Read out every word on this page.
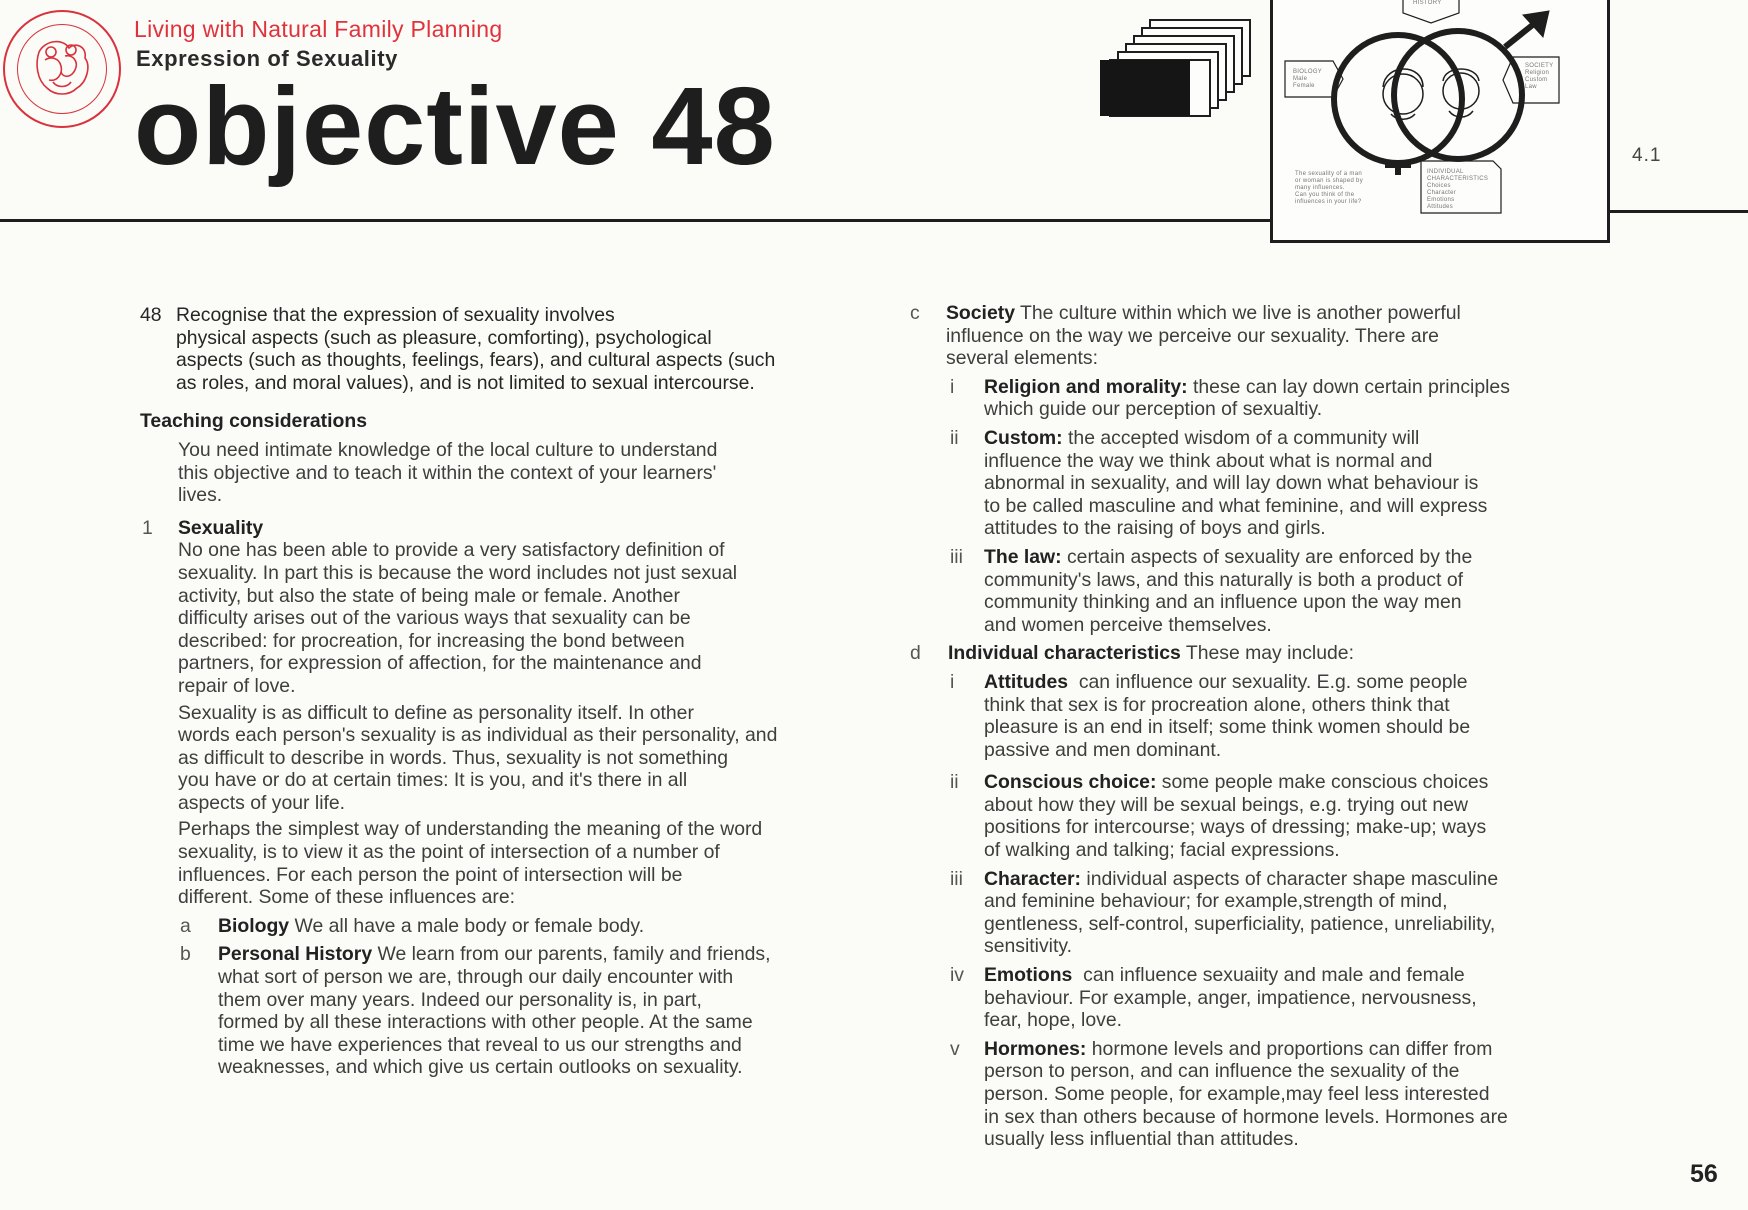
Living with Natural Family Planning
Expression of Sexuality
objective 48
HISTORY
BIOLOGY
Male
Female
SOCIETY
Religion
Custom
Law
The sexuality of a man
or woman is shaped by
many influences.
Can you think of the
influences in your life?
INDIVIDUAL
CHARACTERISTICS
Choices
Character
Emotions
Attitudes
4.1
48 Recognise that the expression of sexuality involves

physical aspects (such as pleasure, comforting), psychological

aspects (such as thoughts, feelings, fears), and cultural aspects (such

as roles, and moral values), and is not limited to sexual intercourse.

Teaching considerations

You need intimate knowledge of the local culture to understand

this objective and to teach it within the context of your learners'

lives.

1 Sexuality

No one has been able to provide a very satisfactory definition of

sexuality. In part this is because the word includes not just sexual

activity, but also the state of being male or female. Another

difficulty arises out of the various ways that sexuality can be

described: for procreation, for increasing the bond between

partners, for expression of affection, for the maintenance and

repair of love.

Sexuality is as difficult to define as personality itself. In other

words each person's sexuality is as individual as their personality, and

as difficult to describe in words. Thus, sexuality is not something

you have or do at certain times: It is you, and it's there in all

aspects of your life.

Perhaps the simplest way of understanding the meaning of the word

sexuality, is to view it as the point of intersection of a number of

influences. For each person the point of intersection will be

different. Some of these influences are:

a Biology We all have a male body or female body.

b Personal History We learn from our parents, family and friends,

what sort of person we are, through our daily encounter with

them over many years. Indeed our personality is, in part,

formed by all these interactions with other people. At the same

time we have experiences that reveal to us our strengths and

weaknesses, and which give us certain outlooks on sexuality.

c Society The culture within which we live is another powerful

influence on the way we perceive our sexuality. There are

several elements:

i Religion and morality: these can lay down certain principles

which guide our perception of sexualtiy.

ii Custom: the accepted wisdom of a community will

influence the way we think about what is normal and

abnormal in sexuality, and will lay down what behaviour is

to be called masculine and what feminine, and will express

attitudes to the raising of boys and girls.

iii The law: certain aspects of sexuality are enforced by the

community's laws, and this naturally is both a product of

community thinking and an influence upon the way men

and women perceive themselves.

d Individual characteristics These may include:

i Attitudes can influence our sexuality. E.g. some people

think that sex is for procreation alone, others think that

pleasure is an end in itself; some think women should be

passive and men dominant.

ii Conscious choice: some people make conscious choices

about how they will be sexual beings, e.g. trying out new

positions for intercourse; ways of dressing; make-up; ways

of walking and talking; facial expressions.

iii Character: individual aspects of character shape masculine

and feminine behaviour; for example,strength of mind,

gentleness, self-control, superficiality, patience, unreliability,

sensitivity.

iv Emotions can influence sexuaiity and male and female

behaviour. For example, anger, impatience, nervousness,

fear, hope, love.

v Hormones: hormone levels and proportions can differ from

person to person, and can influence the sexuality of the

person. Some people, for example,may feel less interested

in sex than others because of hormone levels. Hormones are

usually less influential than attitudes.

56
